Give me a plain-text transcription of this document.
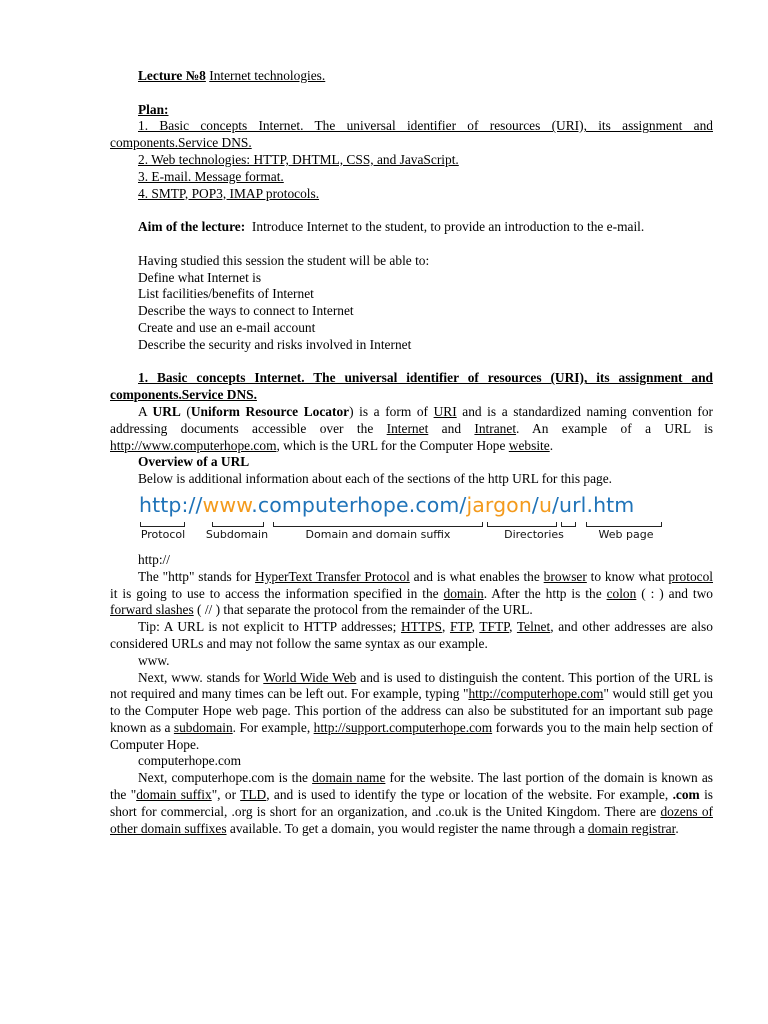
Lecture №8 Internet technologies.

Plan:

1. Basic concepts Internet. The universal identifier of resources (URI), its assignment and components.Service DNS.

2. Web technologies: HTTP, DHTML, CSS, and JavaScript.

3. E-mail. Message format.

4. SMTP, POP3, IMAP protocols.

Aim of the lecture: Introduce Internet to the student, to provide an introduction to the e-mail.

Having studied this session the student will be able to:

Define what Internet is

List facilities/benefits of Internet

Describe the ways to connect to Internet

Create and use an e-mail account

Describe the security and risks involved in Internet

1. Basic concepts Internet. The universal identifier of resources (URI), its assignment and components.Service DNS.

A URL (Uniform Resource Locator) is a form of URI and is a standardized naming convention for addressing documents accessible over the Internet and Intranet. An example of a URL is http://www.computerhope.com, which is the URL for the Computer Hope website.

Overview of a URL

Below is additional information about each of the sections of the http URL for this page.

http://www.computerhope.com/jargon/u/url.htm
Protocol	Subdomain	Domain and domain suffix	Directories	Web page

http://

The "http" stands for HyperText Transfer Protocol and is what enables the browser to know what protocol it is going to use to access the information specified in the domain. After the http is the colon ( : ) and two forward slashes ( // ) that separate the protocol from the remainder of the URL.

Tip: A URL is not explicit to HTTP addresses; HTTPS, FTP, TFTP, Telnet, and other addresses are also considered URLs and may not follow the same syntax as our example.

www.

Next, www. stands for World Wide Web and is used to distinguish the content. This portion of the URL is not required and many times can be left out. For example, typing "http://computerhope.com" would still get you to the Computer Hope web page. This portion of the address can also be substituted for an important sub page known as a subdomain. For example, http://support.computerhope.com forwards you to the main help section of Computer Hope.

computerhope.com

Next, computerhope.com is the domain name for the website. The last portion of the domain is known as the "domain suffix", or TLD, and is used to identify the type or location of the website. For example, .com is short for commercial, .org is short for an organization, and .co.uk is the United Kingdom. There are dozens of other domain suffixes available. To get a domain, you would register the name through a domain registrar.
